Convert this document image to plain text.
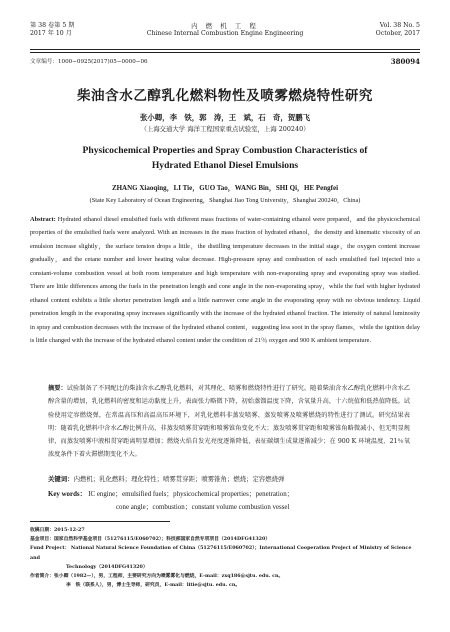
第 38 卷第 5 期
2017 年 10 月
内 燃 机 工 程
Chinese Internal Combustion Engine Engineering
Vol. 38 No. 5
October, 2017
文章编号：1000−0925(2017)05−0000−06	380094
柴油含水乙醇乳化燃料物性及喷雾燃烧特性研究
张小卿，李　铁，郭　涛，王　斌，石　奇，贺鹏飞
（上海交通大学 海洋工程国家重点试验室，上海 200240）
Physicochemical Properties and Spray Combustion Characteristics of
Hydrated Ethanol Diesel Emulsions
ZHANG Xiaoqing，LI Tie，GUO Tao，WANG Bin，SHI Qi，HE Pengfei
(State Key Laboratory of Ocean Engineering，Shanghai Jiao Tong University，Shanghai 200240，China)
Abstract: Hydrated ethanol diesel emulsified fuels with different mass fractions of water-containing ethanol were prepared，and the physicochemical properties of the emulsified fuels were analyzed. With an increases in the mass fraction of hydrated ethanol，the density and kinematic viscosity of an emulsion increase slightly，the surface tension drops a little，the distilling temperature decreases in the initial stage，the oxygen content increase gradually，and the cetane number and lower heating value decrease. High-pressure spray and combustion of each emulsified fuel injected into a constant-volume combustion vessel at both room temperature and high temperature with non-evaporating spray and evaporating spray was studied. There are little differences among the fuels in the penetration length and cone angle in the non-evaporating spray，while the fuel with higher hydrated ethanol content exhibits a little shorter penetration length and a little narrower cone angle in the evaporating spray with no obvious tendency. Liquid penetration length in the evaporating spray increases significantly with the increase of the hydrated ethanol fraction. The intensity of natural luminosity in spray and combustion decreases with the increase of the hydrated ethanol content，suggesting less soot in the spray flames，while the ignition delay is little changed with the increase of the hydrated ethanol content under the condition of 21％ oxygen and 900 K ambient temperature.
摘要：试验制备了不同配比的柴油含水乙醇乳化燃料，对其理化、喷雾和燃烧特性进行了研究。随着柴油含水乙醇乳化燃料中含水乙醇含量的增加，乳化燃料的密度和运动黏度上升，表面张力略微下降，初始蒸馏温度下降，含氧量升高，十六烷值和低热值降低。试验使用定容燃烧弹，在常温高压和高温高压环境下，对乳化燃料非蒸发喷雾、蒸发喷雾及喷雾燃烧的特性进行了测试。研究结果表明：随着乳化燃料中含水乙醇比例升高，非蒸发喷雾贯穿距和喷雾锥角变化不大；蒸发喷雾贯穿距和喷雾锥角略微减小，但无明显规律，而蒸发喷雾中液相贯穿距离明显增加；燃烧火焰自发光亮度逐渐降低，表征碳烟生成量逐渐减少；在 900 K 环境温度、21％氧浓度条件下着火滞燃期变化不大。
关键词：内燃机；乳化燃料；理化特性；喷雾贯穿距；喷雾锥角；燃烧；定容燃烧弹
Key words： IC engine；emulsified fuels；physicochemical properties；penetration；
cone angle；combustion；constant volume combustion vessel
收稿日期：2015-12-27
基金项目：国家自然科学基金项目（51276115/E060702）；科技部国家自然专项项目（2014DFG41320）
Fund Project： National Natural Science Foundation of China（51276115/E060702）；International Cooperation Project of Ministry of Science and
Technology（2014DFG41320）
作者简介：张小卿（1982—），男，工程师，主要研究方向为喷雾雾化与燃烧，E-mail：zxq186@sjtu. edu. cn。
李　铁（联系人），男，博士生导师，研究员，E-mail：litie@sjtu. edu. cn。
